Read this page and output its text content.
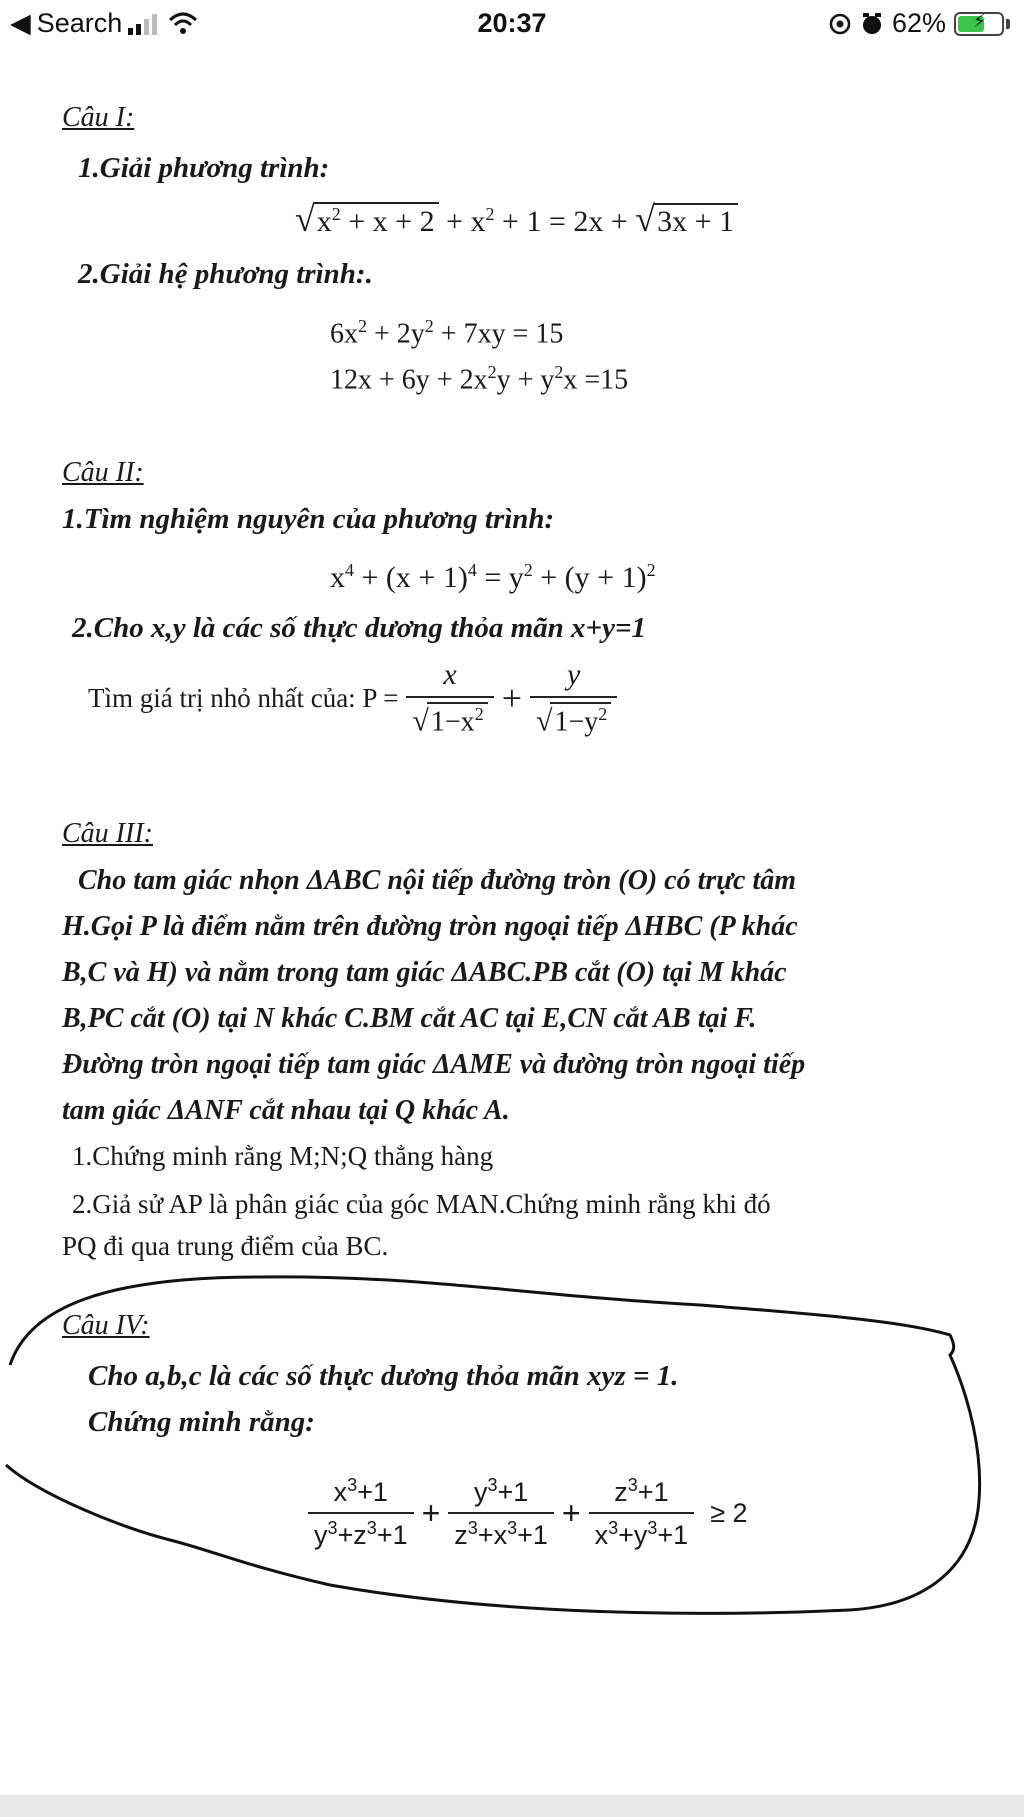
◀ Search	20:37	62% ⚡
Câu I:
1.Giải phương trình:
$√x^2 + x + 2 + x^2 + 1 = 2x + √3x + 1$
2.Giải hệ phương trình:.
$6x^2 + 2y^2 + 7xy = 15$
$12x + 6y + 2x^2y + y^2x =15$
Câu II:
1.Tìm nghiệm nguyên của phương trình:
$x^4 + (x + 1)^4 = y^2 + (y + 1)^2$
2.Cho x,y là các số thực dương thỏa mãn x+y=1
Tìm giá trị nhỏ nhất của: $P = \frac{x}{√1-x^2} + \frac{y}{√1-y^2}$
Câu III:
Cho tam giác nhọn ΔABC nội tiếp đường tròn (O) có trực tâm
H.Gọi P là điểm nằm trên đường tròn ngoại tiếp ΔHBC (P khác
B,C và H) và nằm trong tam giác ΔABC.PB cắt (O) tại M khác
B,PC cắt (O) tại N khác C.BM cắt AC tại E,CN cắt AB tại F.
Đường tròn ngoại tiếp tam giác ΔAME và đường tròn ngoại tiếp
tam giác ΔANF cắt nhau tại Q khác A.
1.Chứng minh rằng M;N;Q thẳng hàng
2.Giả sử AP là phân giác của góc MAN.Chứng minh rằng khi đó
PQ đi qua trung điểm của BC.
Câu IV:
Cho a,b,c là các số thực dương thỏa mãn xyz = 1.
Chứng minh rằng:
$\frac{x^3+1}{y^3+z^3+1} + \frac{y^3+1}{z^3+x^3+1} + \frac{z^3+1}{x^3+y^3+1} \ge 2$
